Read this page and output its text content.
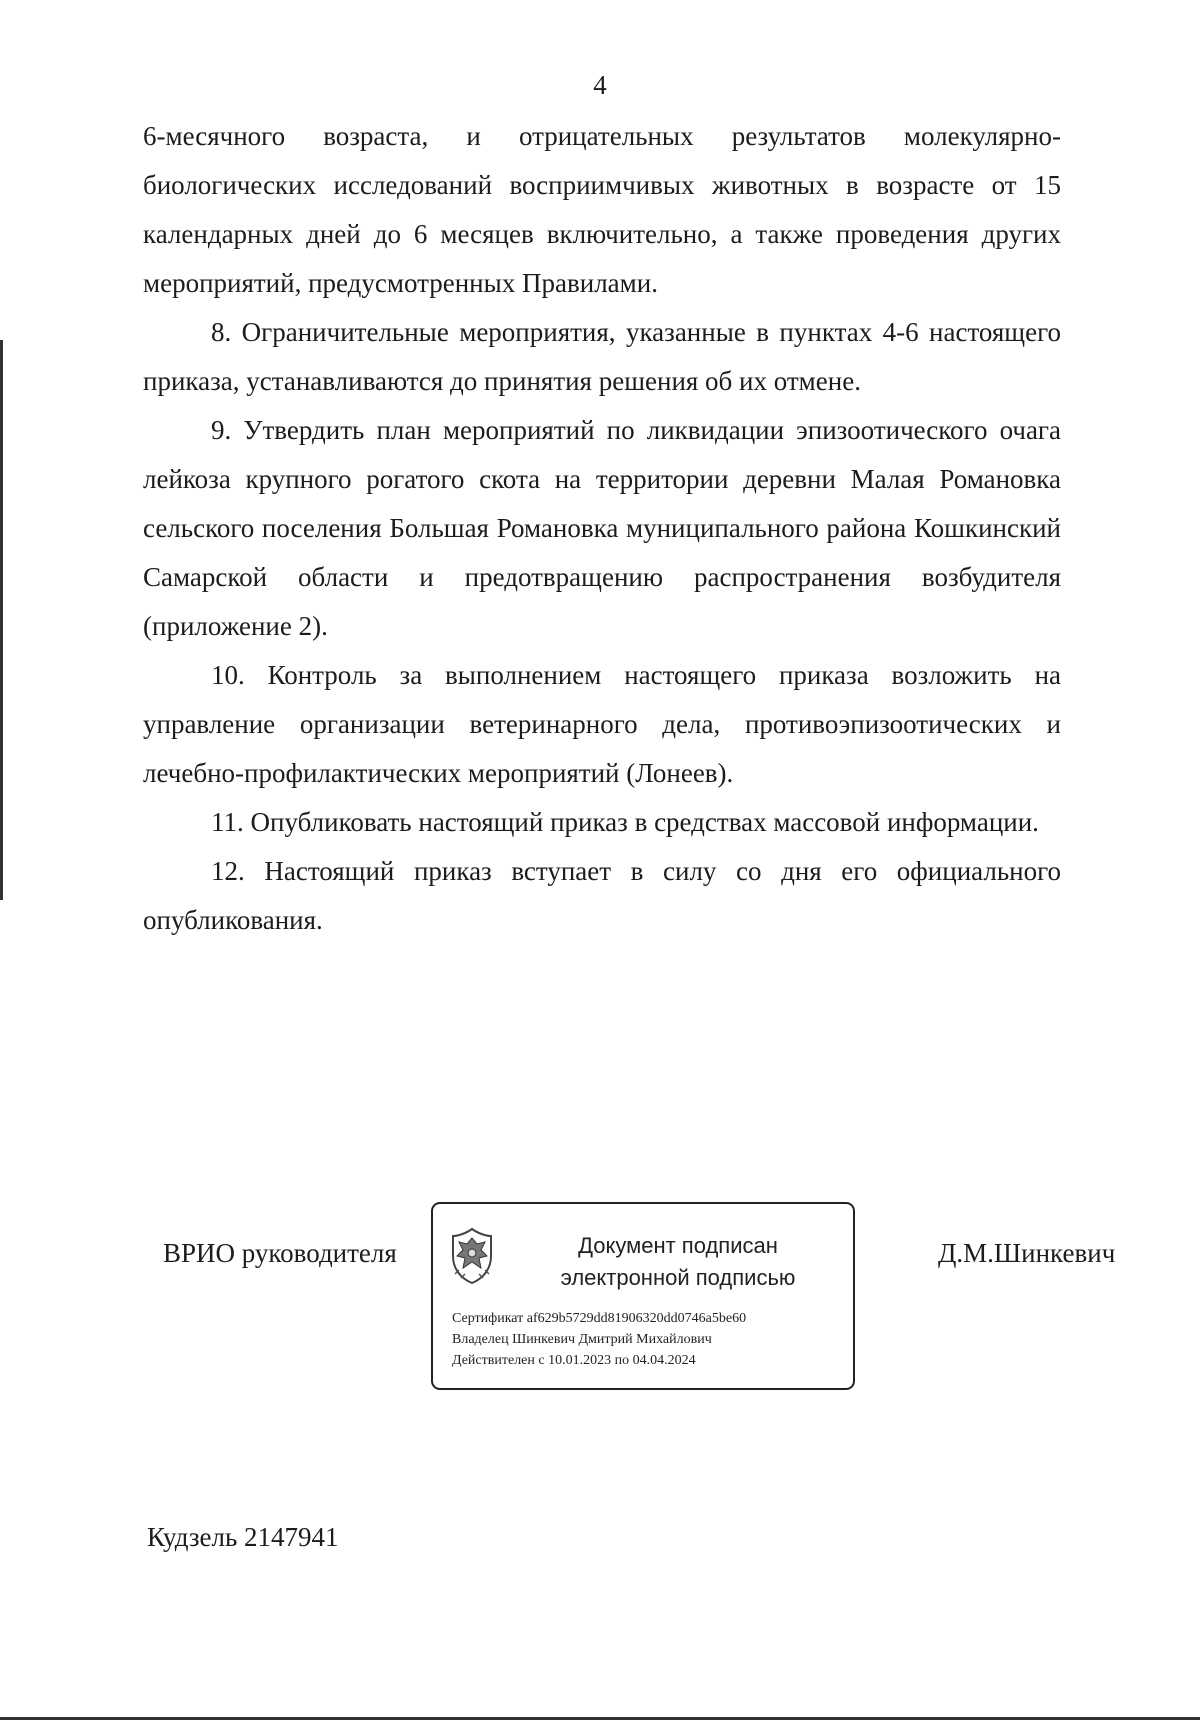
4

6-месячного возраста, и отрицательных результатов молекулярно-биологических исследований восприимчивых животных в возрасте от 15 календарных дней до 6 месяцев включительно, а также проведения других мероприятий, предусмотренных Правилами.

8. Ограничительные мероприятия, указанные в пунктах 4-6 настоящего приказа, устанавливаются до принятия решения об их отмене.

9. Утвердить план мероприятий по ликвидации эпизоотического очага лейкоза крупного рогатого скота на территории деревни Малая Романовка сельского поселения Большая Романовка муниципального района Кошкинский Самарской области и предотвращению распространения возбудителя (приложение 2).

10. Контроль за выполнением настоящего приказа возложить на управление организации ветеринарного дела, противоэпизоотических и лечебно-профилактических мероприятий (Лонеев).

11. Опубликовать настоящий приказ в средствах массовой информации.

12. Настоящий приказ вступает в силу со дня его официального опубликования.

ВРИО руководителя	Документ подписан
электронной подписью
Сертификат af629b5729dd81906320dd0746a5be60
Владелец Шинкевич Дмитрий Михайлович
Действителен с 10.01.2023 по 04.04.2024
Д.М.Шинкевич
Кудзель 2147941
